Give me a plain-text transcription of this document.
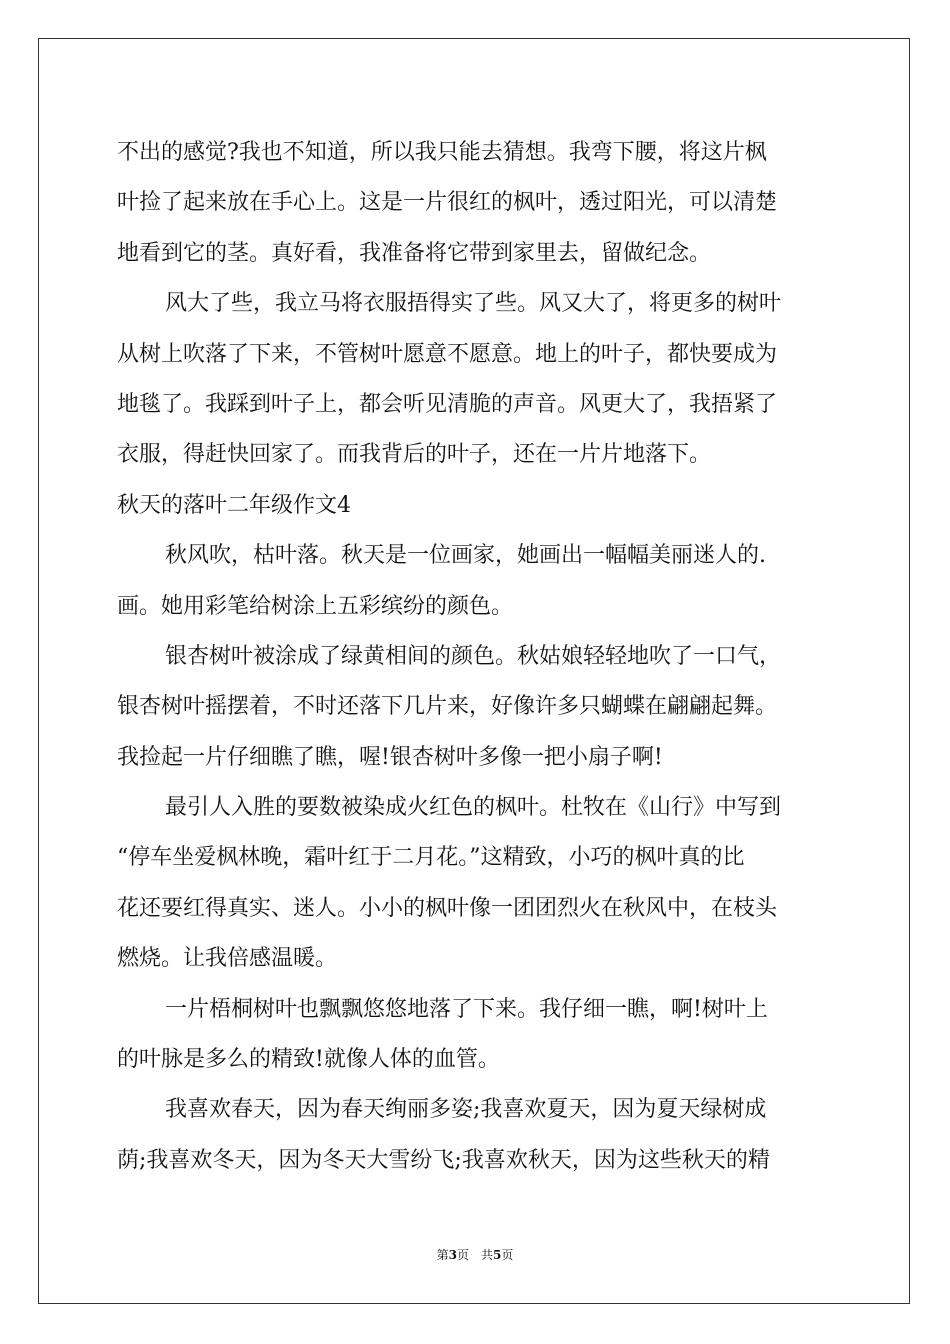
不出的感觉?我也不知道，所以我只能去猜想。我弯下腰，将这片枫
叶捡了起来放在手心上。这是一片很红的枫叶，透过阳光，可以清楚
地看到它的茎。真好看，我准备将它带到家里去，留做纪念。
风大了些，我立马将衣服捂得实了些。风又大了，将更多的树叶
从树上吹落了下来，不管树叶愿意不愿意。地上的叶子，都快要成为
地毯了。我踩到叶子上，都会听见清脆的声音。风更大了，我捂紧了
衣服，得赶快回家了。而我背后的叶子，还在一片片地落下。
秋天的落叶二年级作文4
秋风吹，枯叶落。秋天是一位画家，她画出一幅幅美丽迷人的.
画。她用彩笔给树涂上五彩缤纷的颜色。
银杏树叶被涂成了绿黄相间的颜色。秋姑娘轻轻地吹了一口气，
银杏树叶摇摆着，不时还落下几片来，好像许多只蝴蝶在翩翩起舞。
我捡起一片仔细瞧了瞧，喔!银杏树叶多像一把小扇子啊!
最引人入胜的要数被染成火红色的枫叶。杜牧在《山行》中写到
“停车坐爱枫林晚，霜叶红于二月花。”这精致，小巧的枫叶真的比
花还要红得真实、迷人。小小的枫叶像一团团烈火在秋风中，在枝头
燃烧。让我倍感温暖。
一片梧桐树叶也飘飘悠悠地落了下来。我仔细一瞧，啊!树叶上
的叶脉是多么的精致!就像人体的血管。
我喜欢春天，因为春天绚丽多姿;我喜欢夏天，因为夏天绿树成
荫;我喜欢冬天，因为冬天大雪纷飞;我喜欢秋天，因为这些秋天的精
第3页　共5页
